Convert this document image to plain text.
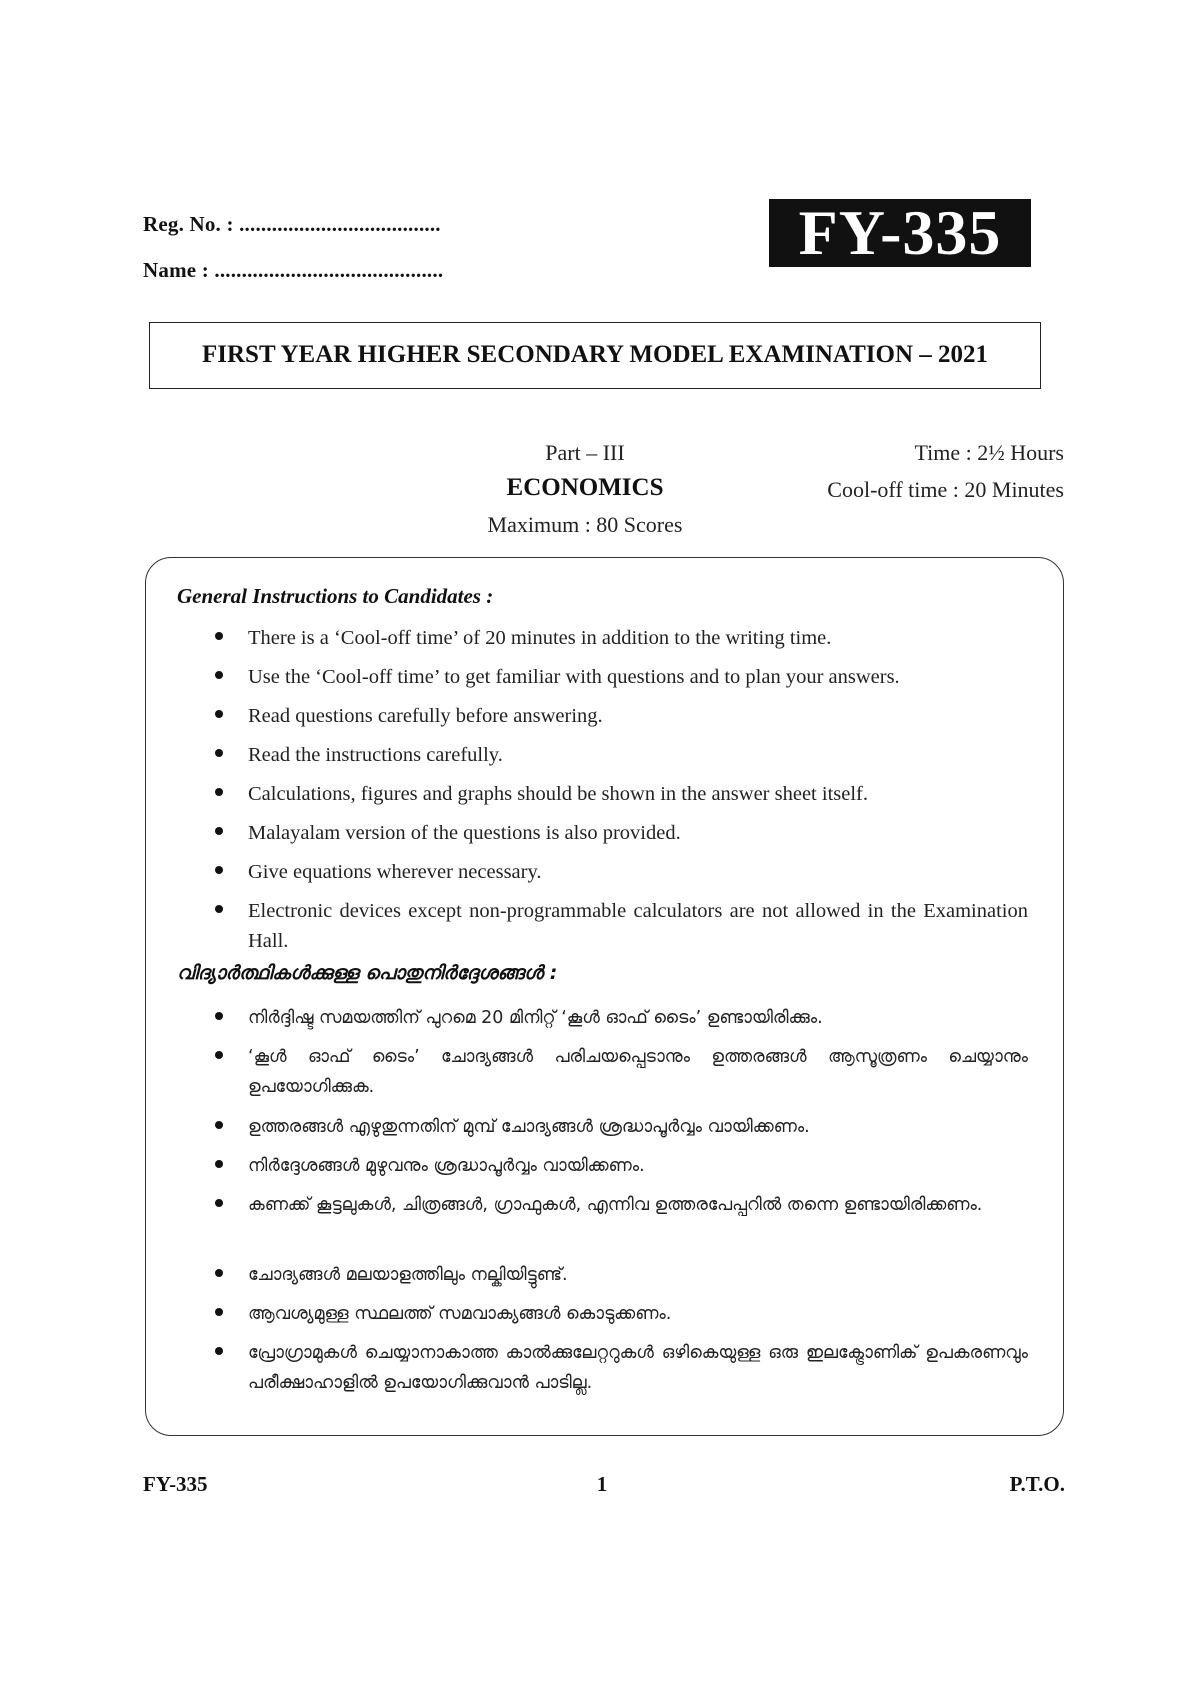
Reg. No. : .....................................
Name : ..........................................
FY-335
FIRST YEAR HIGHER SECONDARY MODEL EXAMINATION – 2021
Part – III
ECONOMICS
Maximum : 80 Scores
Time : 2½ Hours
Cool-off time : 20 Minutes
General Instructions to Candidates :
There is a ‘Cool-off time’ of 20 minutes in addition to the writing time.
Use the ‘Cool-off time’ to get familiar with questions and to plan your answers.
Read questions carefully before answering.
Read the instructions carefully.
Calculations, figures and graphs should be shown in the answer sheet itself.
Malayalam version of the questions is also provided.
Give equations wherever necessary.
Electronic devices except non-programmable calculators are not allowed in the Examination Hall.
വിദ്യാർത്ഥികൾക്കുള്ള പൊതുനിർദ്ദേശങ്ങൾ :
നിർദ്ദിഷ്ട സമയത്തിന് പുറമെ 20 മിനിറ്റ് ‘കൂൾ ഓഫ് ടൈം’ ഉണ്ടായിരിക്കും.
‘കൂൾ ഓഫ് ടൈം’ ചോദ്യങ്ങൾ പരിചയപ്പെടാനും ഉത്തരങ്ങൾ ആസൂത്രണം ചെയ്യാനും ഉപയോഗിക്കുക.
ഉത്തരങ്ങൾ എഴുതുന്നതിന് മുമ്പ് ചോദ്യങ്ങൾ ശ്രദ്ധാപൂർവ്വം വായിക്കണം.
നിർദ്ദേശങ്ങൾ മുഴുവനും ശ്രദ്ധാപൂർവ്വം വായിക്കണം.
കണക്ക് കൂട്ടലുകൾ, ചിത്രങ്ങൾ, ഗ്രാഫുകൾ, എന്നിവ ഉത്തരപേപ്പറിൽ തന്നെ ഉണ്ടായിരിക്കണം.
ചോദ്യങ്ങൾ മലയാളത്തിലും നല്കിയിട്ടുണ്ട്.
ആവശ്യമുള്ള സ്ഥലത്ത് സമവാക്യങ്ങൾ കൊടുക്കണം.
പ്രോഗ്രാമുകൾ ചെയ്യാനാകാത്ത കാൽക്കുലേറ്ററുകൾ ഒഴികെയുള്ള ഒരു ഇലക്ട്രോണിക് ഉപകരണവും പരീക്ഷാഹാളിൽ ഉപയോഗിക്കുവാൻ പാടില്ല.
FY-335	1	P.T.O.
